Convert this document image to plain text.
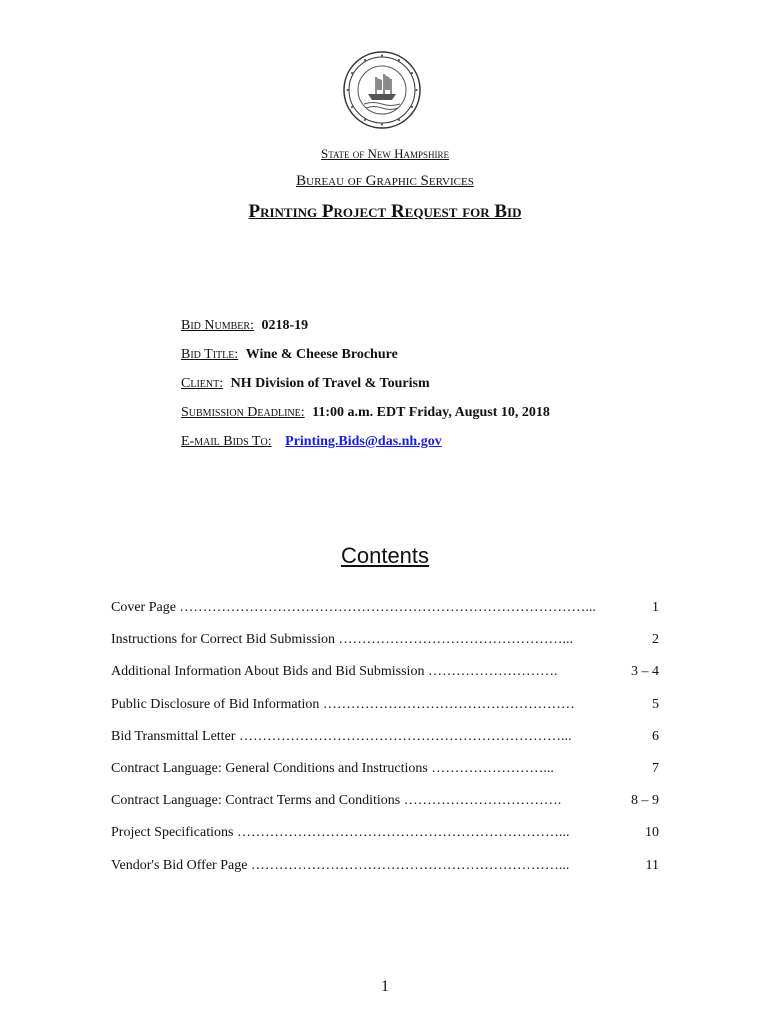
State of New Hampshire
Bureau of Graphic Services
Printing Project Request for Bid
Bid Number: 0218-19
Bid Title: Wine & Cheese Brochure
Client: NH Division of Travel & Tourism
Submission Deadline: 11:00 a.m. EDT Friday, August 10, 2018
E-mail Bids To: Printing.Bids@das.nh.gov
Contents
Cover Page ……………………………………………………………………………...	1
Instructions for Correct Bid Submission …………………………………………...	2
Additional Information About Bids and Bid Submission ……………………….	3 – 4
Public Disclosure of Bid Information ………………………………………………	5
Bid Transmittal Letter ……………………………………………………………...	6
Contract Language: General Conditions and Instructions ……………………...	7
Contract Language: Contract Terms and Conditions …………………………….	8 – 9
Project Specifications ……………………………………………………………...	10
Vendor's Bid Offer Page …………………………………………………………...	11
1
